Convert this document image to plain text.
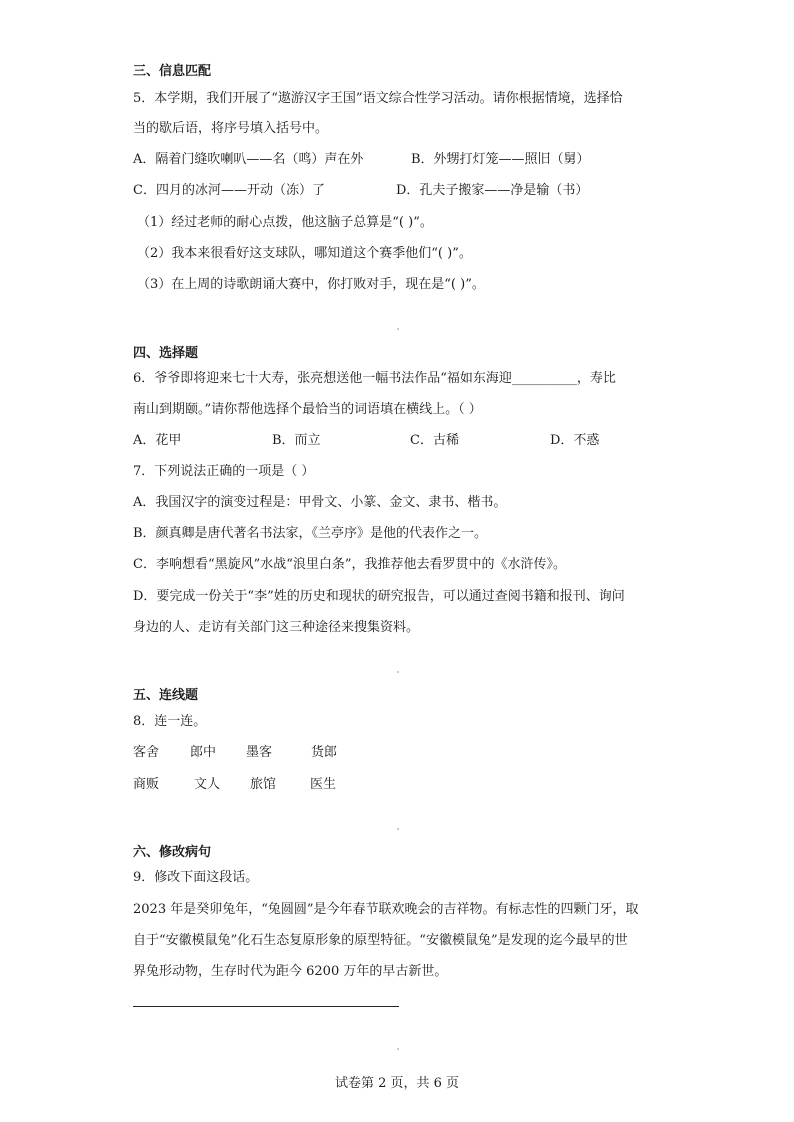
三、信息匹配
5．本学期，我们开展了“遨游汉字王国”语文综合性学习活动。请你根据情境，选择恰
当的歇后语，将序号填入括号中。
A．隔着门缝吹喇叭——名（鸣）声在外	B．外甥打灯笼——照旧（舅）
C．四月的冰河——开动（冻）了	D．孔夫子搬家——净是输（书）
（1）经过老师的耐心点拨，他这脑子总算是“( )”。
（2）我本来很看好这支球队，哪知道这个赛季他们“( )”。
（3）在上周的诗歌朗诵大赛中，你打败对手，现在是“( )”。
四、选择题
6．爷爷即将迎来七十大寿，张亮想送他一幅书法作品“福如东海迎__________，寿比
南山到期颐。”请你帮他选择个最恰当的词语填在横线上。（ ）
A．花甲	B．而立	C．古稀	D．不惑
7．下列说法正确的一项是（ ）
A．我国汉字的演变过程是：甲骨文、小篆、金文、隶书、楷书。
B．颜真卿是唐代著名书法家，《兰亭序》是他的代表作之一。
C．李响想看“黑旋风”水战“浪里白条”，我推荐他去看罗贯中的《水浒传》。
D．要完成一份关于“李”姓的历史和现状的研究报告，可以通过查阅书籍和报刊、询问
身边的人、走访有关部门这三种途径来搜集资料。
五、连线题
8．连一连。
客舍 郎中 墨客	货郎
商贩	文人 旅馆	医生
六、修改病句
9．修改下面这段话。
2023 年是癸卯兔年，“兔圆圆”是今年春节联欢晚会的吉祥物。有标志性的四颗门牙，取
自于“安徽模鼠兔”化石生态复原形象的原型特征。“安徽模鼠兔”是发现的迄今最早的世
界兔形动物，生存时代为距今 6200 万年的早古新世。
试卷第 2 页，共 6 页
